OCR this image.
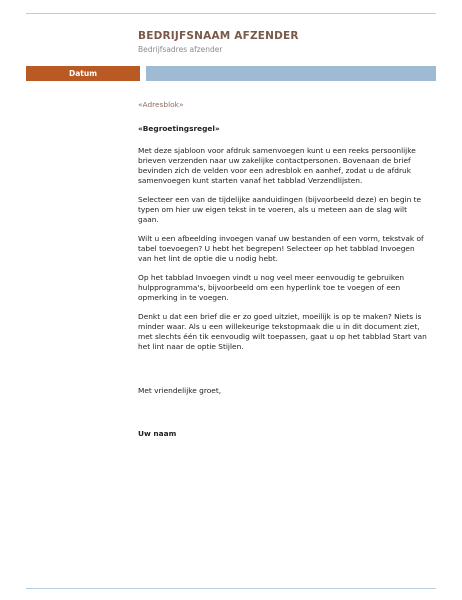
BEDRIJFSNAAM AFZENDER
Bedrijfsadres afzender
Datum
«Adresblok»
«Begroetingsregel»

Met deze sjabloon voor afdruk samenvoegen kunt u een reeks persoonlijke brieven verzenden naar uw zakelijke contactpersonen. Bovenaan de brief bevinden zich de velden voor een adresblok en aanhef, zodat u de afdruk samenvoegen kunt starten vanaf het tabblad Verzendlijsten.

Selecteer een van de tijdelijke aanduidingen (bijvoorbeeld deze) en begin te typen om hier uw eigen tekst in te voeren, als u meteen aan de slag wilt gaan.

Wilt u een afbeelding invoegen vanaf uw bestanden of een vorm, tekstvak of tabel toevoegen? U hebt het begrepen! Selecteer op het tabblad Invoegen van het lint de optie die u nodig hebt.

Op het tabblad Invoegen vindt u nog veel meer eenvoudig te gebruiken hulpprogramma's, bijvoorbeeld om een hyperlink toe te voegen of een opmerking in te voegen.

Denkt u dat een brief die er zo goed uitziet, moeilijk is op te maken? Niets is minder waar. Als u een willekeurige tekstopmaak die u in dit document ziet, met slechts één tik eenvoudig wilt toepassen, gaat u op het tabblad Start van het lint naar de optie Stijlen.

Met vriendelijke groet,
Uw naam
